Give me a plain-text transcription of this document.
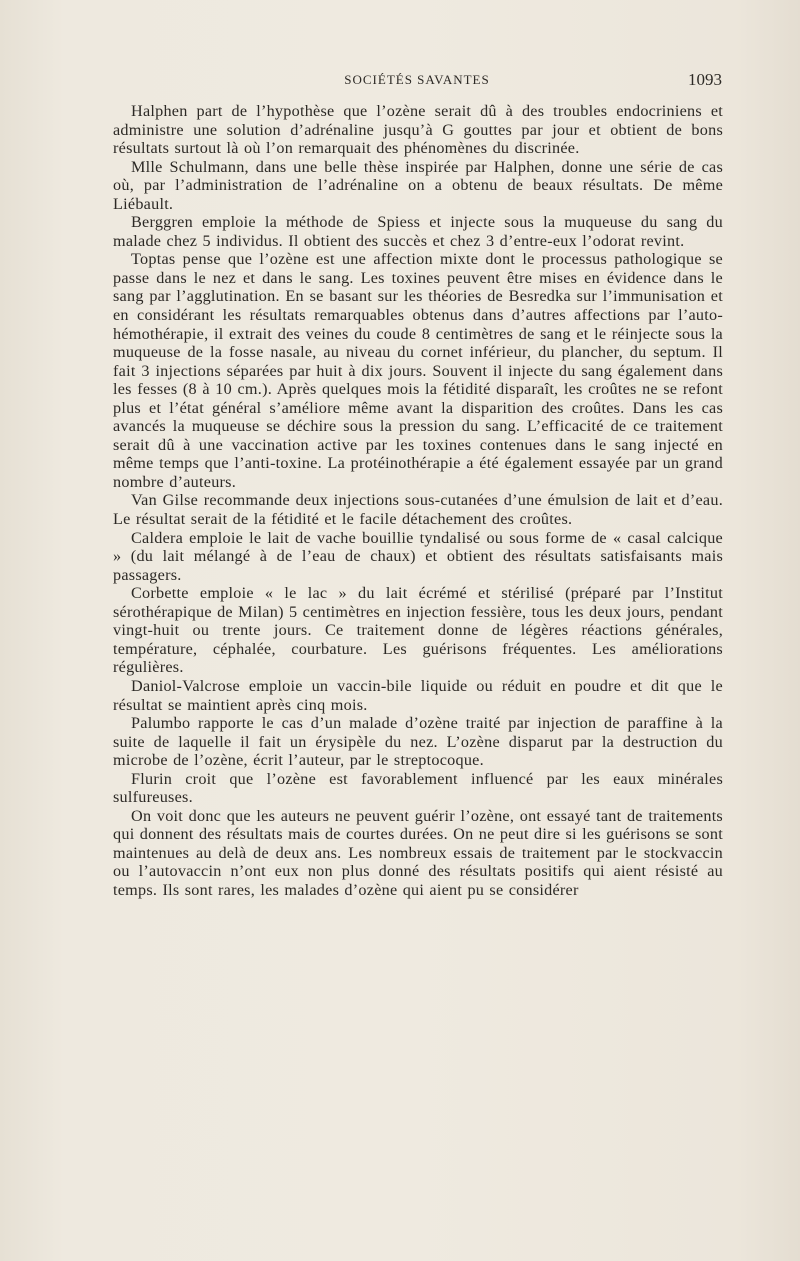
SOCIÉTÉS SAVANTES	1093

Halphen part de l’hypothèse que l’ozène serait dû à des troubles endocriniens et administre une solution d’adrénaline jusqu’à G gouttes par jour et obtient de bons résultats surtout là où l’on remarquait des phénomènes du discrinée.

Mlle Schulmann, dans une belle thèse inspirée par Halphen, donne une série de cas où, par l’administration de l’adrénaline on a obtenu de beaux résultats. De même Liébault.

Berggren emploie la méthode de Spiess et injecte sous la muqueuse du sang du malade chez 5 individus. Il obtient des succès et chez 3 d’entre-eux l’odorat revint.

Toptas pense que l’ozène est une affection mixte dont le processus pathologique se passe dans le nez et dans le sang. Les toxines peuvent être mises en évidence dans le sang par l’agglutination. En se basant sur les théories de Besredka sur l’immunisation et en considérant les résultats remarquables obtenus dans d’autres affections par l’auto-hémothérapie, il extrait des veines du coude 8 centimètres de sang et le réinjecte sous la muqueuse de la fosse nasale, au niveau du cornet inférieur, du plancher, du septum. Il fait 3 injections séparées par huit à dix jours. Souvent il injecte du sang également dans les fesses (8 à 10 cm.). Après quelques mois la fétidité disparaît, les croûtes ne se refont plus et l’état général s’améliore même avant la disparition des croûtes. Dans les cas avancés la muqueuse se déchire sous la pression du sang. L’efficacité de ce traitement serait dû à une vaccination active par les toxines contenues dans le sang injecté en même temps que l’anti-toxine. La protéinothérapie a été également essayée par un grand nombre d’auteurs.

Van Gilse recommande deux injections sous-cutanées d’une émulsion de lait et d’eau. Le résultat serait de la fétidité et le facile détachement des croûtes.

Caldera emploie le lait de vache bouillie tyndalisé ou sous forme de « casal calcique » (du lait mélangé à de l’eau de chaux) et obtient des résultats satisfaisants mais passagers.

Corbette emploie « le lac » du lait écrémé et stérilisé (préparé par l’Institut sérothérapique de Milan) 5 centimètres en injection fessière, tous les deux jours, pendant vingt-huit ou trente jours. Ce traitement donne de légères réactions générales, température, céphalée, courbature. Les guérisons fréquentes. Les améliorations régulières.

Daniol-Valcrose emploie un vaccin-bile liquide ou réduit en poudre et dit que le résultat se maintient après cinq mois.

Palumbo rapporte le cas d’un malade d’ozène traité par injection de paraffine à la suite de laquelle il fait un érysipèle du nez. L’ozène disparut par la destruction du microbe de l’ozène, écrit l’auteur, par le streptocoque.

Flurin croit que l’ozène est favorablement influencé par les eaux minérales sulfureuses.

On voit donc que les auteurs ne peuvent guérir l’ozène, ont essayé tant de traitements qui donnent des résultats mais de courtes durées. On ne peut dire si les guérisons se sont maintenues au delà de deux ans. Les nombreux essais de traitement par le stockvaccin ou l’autovaccin n’ont eux non plus donné des résultats positifs qui aient résisté au temps. Ils sont rares, les malades d’ozène qui aient pu se considérer
